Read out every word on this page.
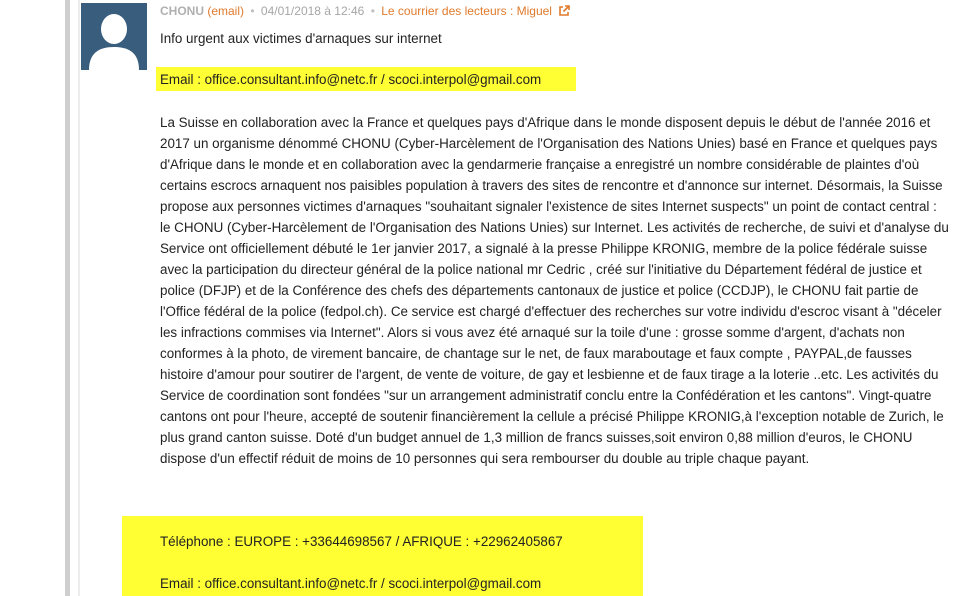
CHONU (email) • 04/01/2018 à 12:46 • Le courrier des lecteurs : Miguel
Info urgent aux victimes d'arnaques sur internet
Email : office.consultant.info@netc.fr / scoci.interpol@gmail.com
La Suisse en collaboration avec la France et quelques pays d'Afrique dans le monde disposent depuis le début de l'année 2016 et 2017 un organisme dénommé CHONU (Cyber-Harcèlement de l'Organisation des Nations Unies) basé en France et quelques pays d'Afrique dans le monde et en collaboration avec la gendarmerie française a enregistré un nombre considérable de plaintes d'où certains escrocs arnaquent nos paisibles population à travers des sites de rencontre et d'annonce sur internet. Désormais, la Suisse propose aux personnes victimes d'arnaques "souhaitant signaler l'existence de sites Internet suspects" un point de contact central : le CHONU (Cyber-Harcèlement de l'Organisation des Nations Unies) sur Internet. Les activités de recherche, de suivi et d'analyse du Service ont officiellement débuté le 1er janvier 2017, a signalé à la presse Philippe KRONIG, membre de la police fédérale suisse avec la participation du directeur général de la police national mr Cedric , créé sur l'initiative du Département fédéral de justice et police (DFJP) et de la Conférence des chefs des départements cantonaux de justice et police (CCDJP), le CHONU fait partie de l'Office fédéral de la police (fedpol.ch). Ce service est chargé d'effectuer des recherches sur votre individu d'escroc visant à "déceler les infractions commises via Internet". Alors si vous avez été arnaqué sur la toile d'une : grosse somme d'argent, d'achats non conformes à la photo, de virement bancaire, de chantage sur le net, de faux maraboutage et faux compte , PAYPAL,de fausses histoire d'amour pour soutirer de l'argent, de vente de voiture, de gay et lesbienne et de faux tirage a la loterie ..etc. Les activités du Service de coordination sont fondées "sur un arrangement administratif conclu entre la Confédération et les cantons". Vingt-quatre cantons ont pour l'heure, accepté de soutenir financièrement la cellule a précisé Philippe KRONIG,à l'exception notable de Zurich, le plus grand canton suisse. Doté d'un budget annuel de 1,3 million de francs suisses,soit environ 0,88 million d'euros, le CHONU dispose d'un effectif réduit de moins de 10 personnes qui sera rembourser du double au triple chaque payant.
Téléphone : EUROPE : +33644698567 / AFRIQUE : +22962405867
Email : office.consultant.info@netc.fr / scoci.interpol@gmail.com
